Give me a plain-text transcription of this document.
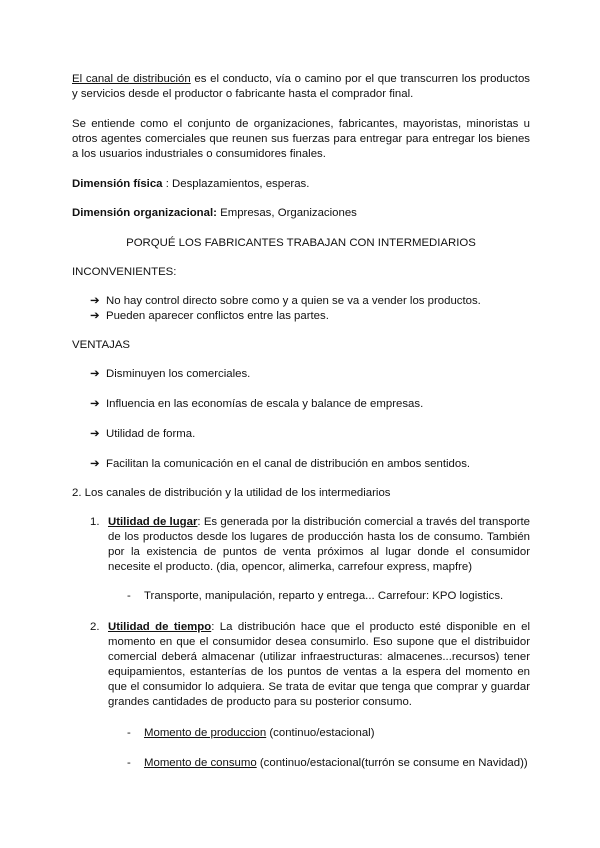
El canal de distribución es el conducto, vía o camino por el que transcurren los productos y servicios desde el productor o fabricante hasta el comprador final.

Se entiende como el conjunto de organizaciones, fabricantes, mayoristas, minoristas u otros agentes comerciales que reunen sus fuerzas para entregar para entregar los bienes a los usuarios industriales o consumidores finales.

Dimensión física : Desplazamientos, esperas.

Dimensión organizacional: Empresas, Organizaciones

PORQUÉ LOS FABRICANTES TRABAJAN CON INTERMEDIARIOS

INCONVENIENTES:

➔ No hay control directo sobre como y a quien se va a vender los productos.
➔ Pueden aparecer conflictos entre las partes.

VENTAJAS

➔ Disminuyen los comerciales.
➔ Influencia en las economías de escala y balance de empresas.
➔ Utilidad de forma.
➔ Facilitan la comunicación en el canal de distribución en ambos sentidos.

2. Los canales de distribución y la utilidad de los intermediarios

1. Utilidad de lugar: Es generada por la distribución comercial a través del transporte de los productos desde los lugares de producción hasta los de consumo. También por la existencia de puntos de venta próximos al lugar donde el consumidor necesite el producto. (dia, opencor, alimerka, carrefour express, mapfre)

- Transporte, manipulación, reparto y entrega... Carrefour: KPO logistics.
2. Utilidad de tiempo: La distribución hace que el producto esté disponible en el momento en que el consumidor desea consumirlo. Eso supone que el distribuidor comercial deberá almacenar (utilizar infraestructuras: almacenes...recursos) tener equipamientos, estanterías de los puntos de ventas a la espera del momento en que el consumidor lo adquiera. Se trata de evitar que tenga que comprar y guardar grandes cantidades de producto para su posterior consumo.

- Momento de produccion (continuo/estacional)
- Momento de consumo (continuo/estacional(turrón se consume en Navidad))
